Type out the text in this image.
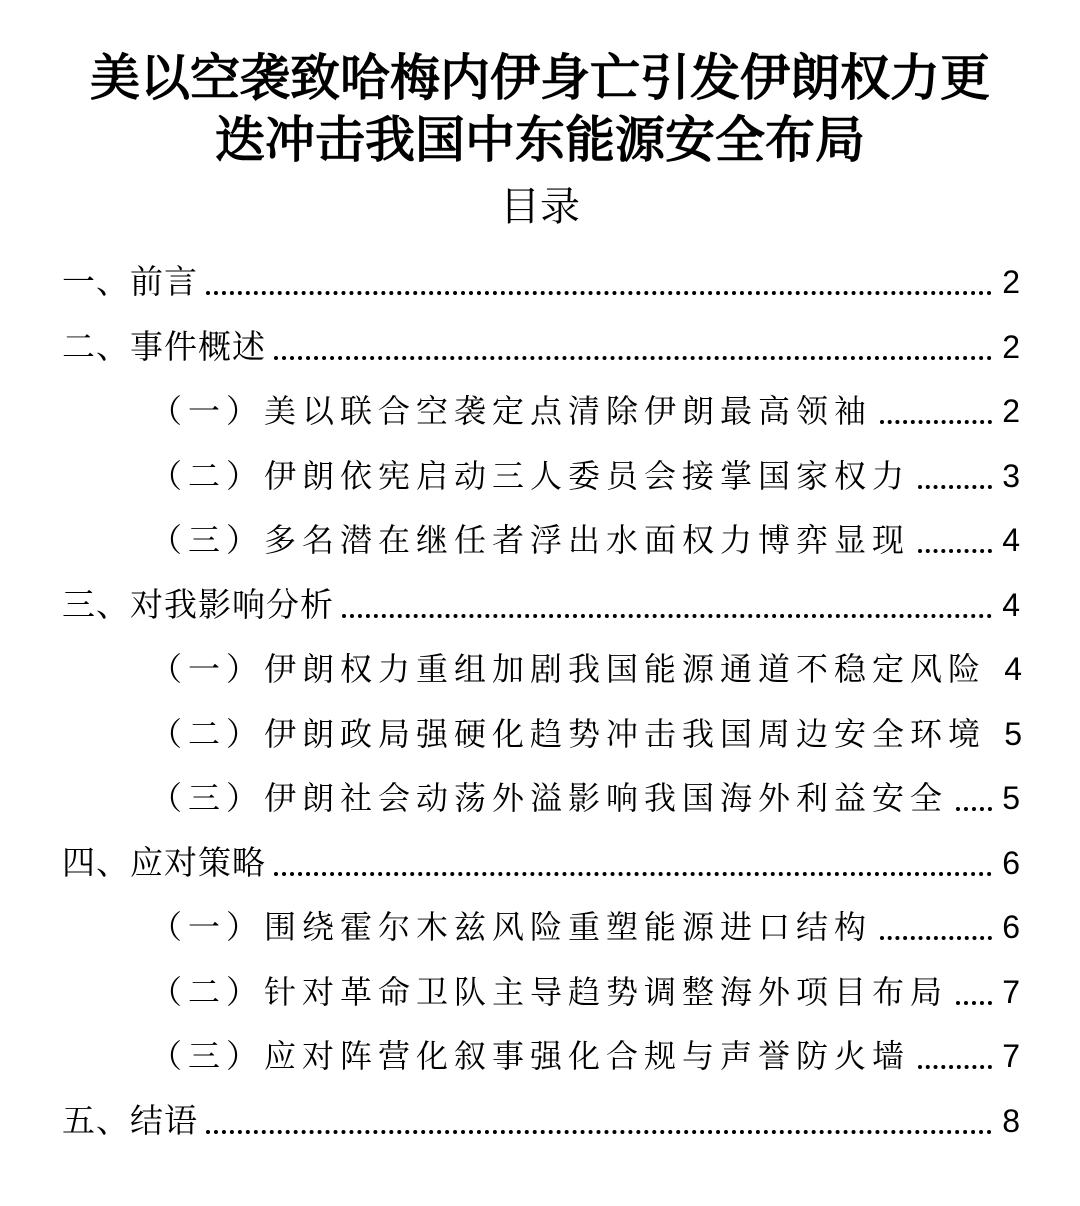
美以空袭致哈梅内伊身亡引发伊朗权力更
迭冲击我国中东能源安全布局
目录
一、前言	2
二、事件概述	2
（一）美以联合空袭定点清除伊朗最高领袖	2
（二）伊朗依宪启动三人委员会接掌国家权力	3
（三）多名潜在继任者浮出水面权力博弈显现	4
三、对我影响分析	4
（一）伊朗权力重组加剧我国能源通道不稳定风险 4
（二）伊朗政局强硬化趋势冲击我国周边安全环境 5
（三）伊朗社会动荡外溢影响我国海外利益安全 5
四、应对策略	6
（一）围绕霍尔木兹风险重塑能源进口结构	6
（二）针对革命卫队主导趋势调整海外项目布局 7
（三）应对阵营化叙事强化合规与声誉防火墙	7
五、结语	8
